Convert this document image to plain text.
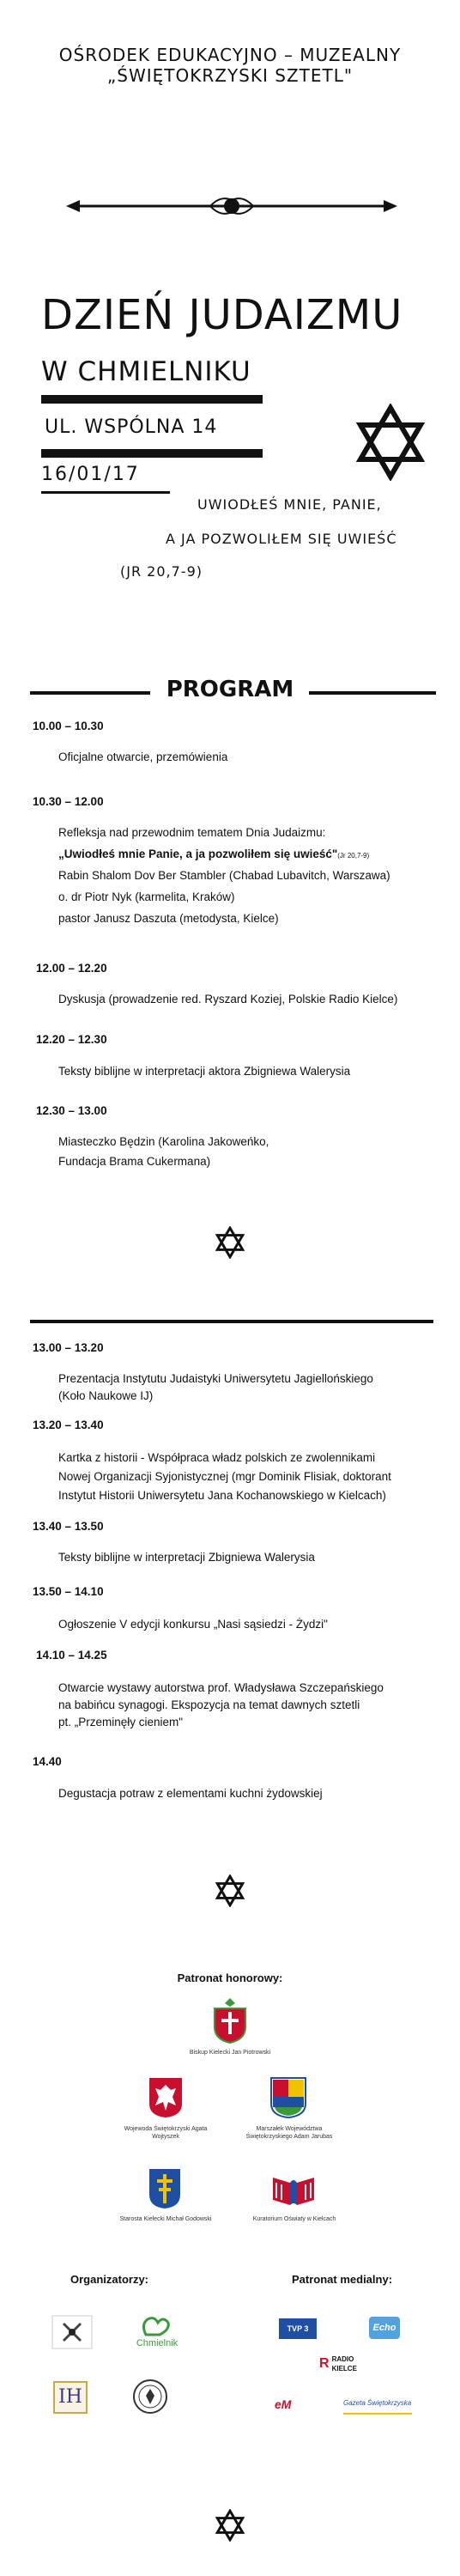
OŚRODEK EDUKACYJNO – MUZEALNY
„ŚWIĘTOKRZYSKI SZTETL"
DZIEŃ JUDAIZMU
W CHMIELNIKU
UL. WSPÓLNA 14
16/01/17
UWIODŁEŚ MNIE, PANIE,
A JA POZWOLIŁEM SIĘ UWIEŚĆ
(JR 20,7-9)
PROGRAM
10.00 – 10.30
Oficjalne otwarcie, przemówienia
10.30 – 12.00
Refleksja nad przewodnim tematem Dnia Judaizmu:
„Uwiodłeś mnie Panie, a ja pozwoliłem się uwieść"(Jr 20,7-9)
Rabin Shalom Dov Ber Stambler (Chabad Lubavitch, Warszawa)
o. dr Piotr Nyk (karmelita, Kraków)
pastor Janusz Daszuta (metodysta, Kielce)
12.00 – 12.20
Dyskusja (prowadzenie red. Ryszard Koziej, Polskie Radio Kielce)
12.20 – 12.30
Teksty biblijne w interpretacji aktora Zbigniewa Walerysia
12.30 – 13.00
Miasteczko Będzin (Karolina Jakoweńko,
Fundacja Brama Cukermana)
13.00 – 13.20
Prezentacja Instytutu Judaistyki Uniwersytetu Jagiellońskiego
(Koło Naukowe IJ)
13.20 – 13.40
Kartka z historii - Współpraca władz polskich ze zwolennikami
Nowej Organizacji Syjonistycznej (mgr Dominik Flisiak, doktorant
Instytut Historii Uniwersytetu Jana Kochanowskiego w Kielcach)
13.40 – 13.50
Teksty biblijne w interpretacji Zbigniewa Walerysia
13.50 – 14.10
Ogłoszenie V edycji konkursu „Nasi sąsiedzi - Żydzi"
14.10 – 14.25
Otwarcie wystawy autorstwa prof. Władysława Szczepańskiego
na babińcu synagogi. Ekspozycja na temat dawnych sztetli
pt. „Przeminęły cieniem"
14.40
Degustacja potraw z elementami kuchni żydowskiej
Patronat honorowy:
Biskup Kielecki Jan Piotrowski
Wojewoda Świętokrzyski Agata Wojtyszek
Marszałek Województwa Świętokrzyskiego Adam Jarubas
Starosta Kielecki Michał Godowski	Kuratorium Oświaty w Kielcach
Organizatorzy:	Patronat medialny:
Chmielnik
IH
TVP 3 KIELCE
Echo
RRADIO KIELCE
eM	Gazeta Świętokrzyska
